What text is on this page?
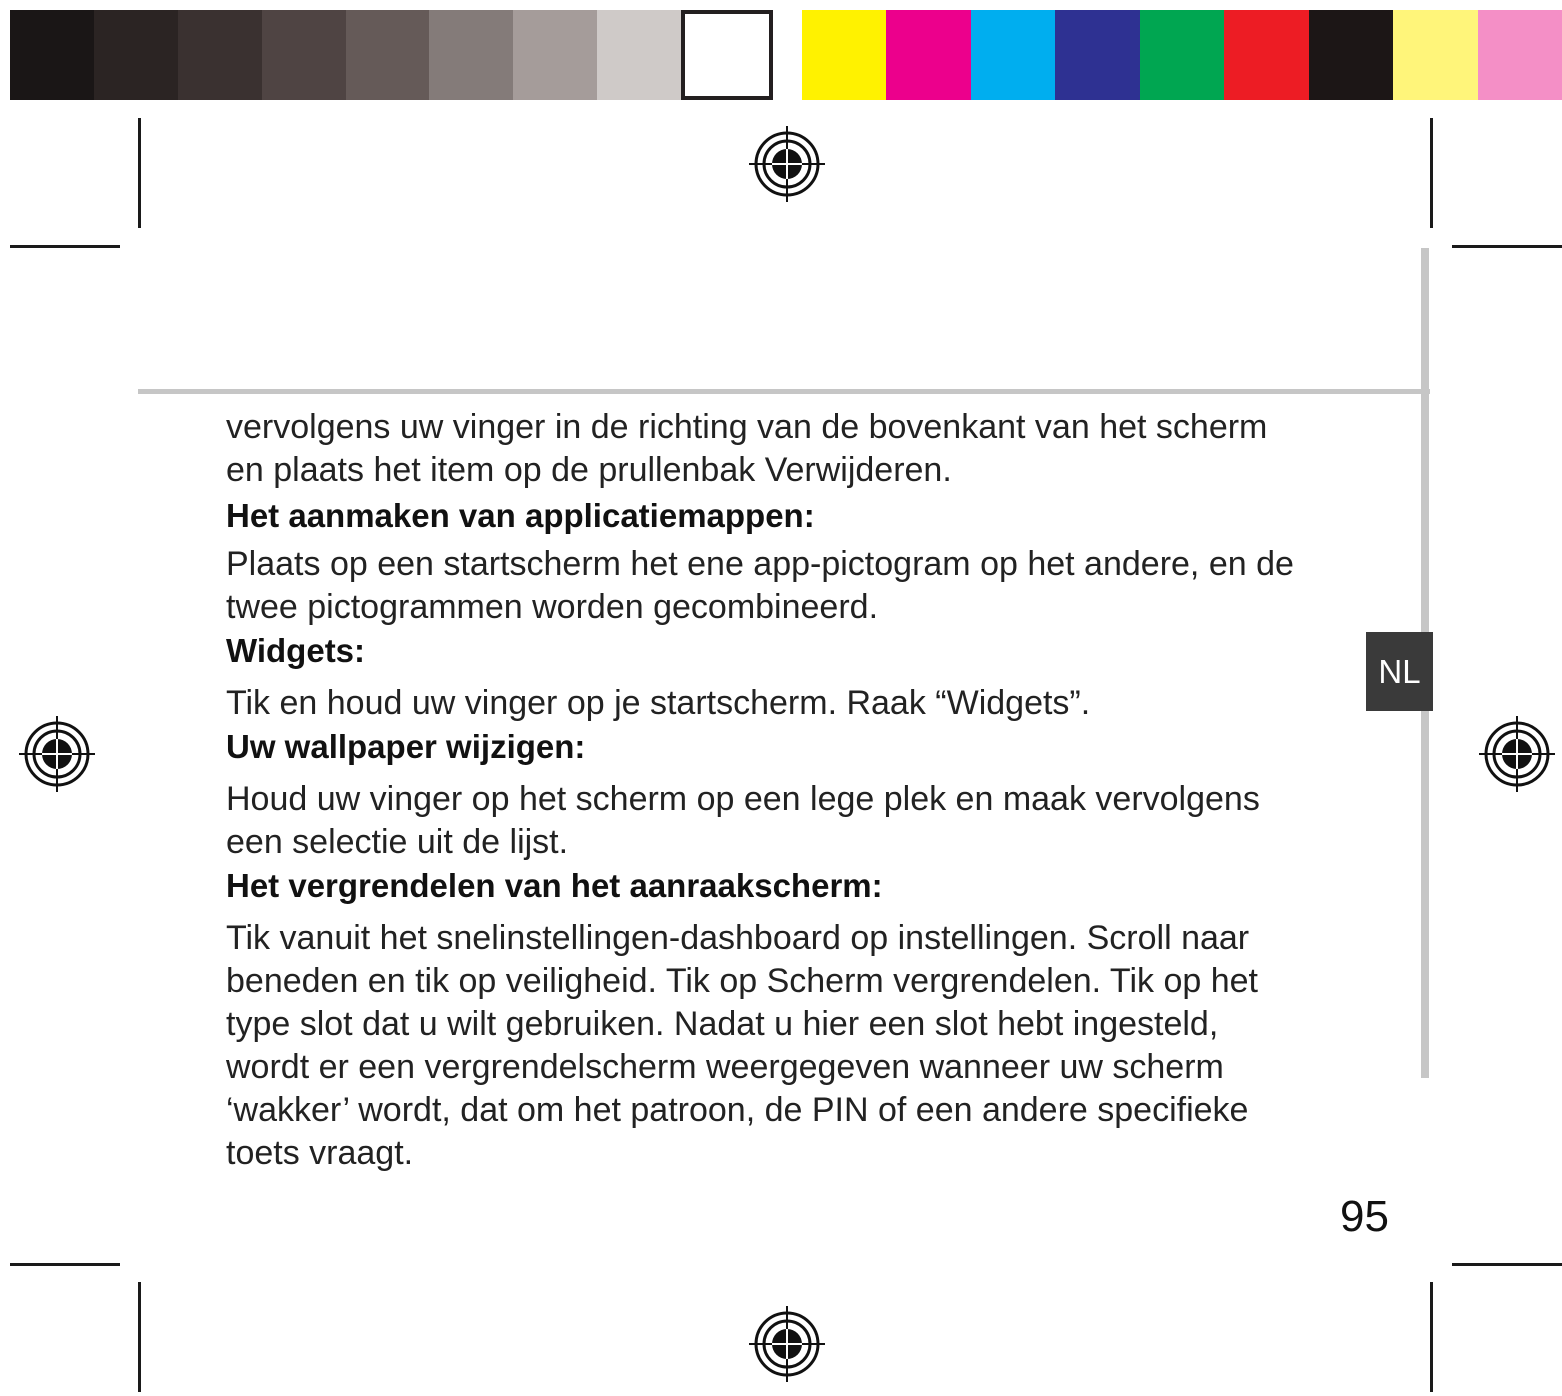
vervolgens uw vinger in de richting van de bovenkant van het scherm
en plaats het item op de prullenbak Verwijderen.

Het aanmaken van applicatiemappen:

Plaats op een startscherm het ene app-pictogram op het andere, en de
twee pictogrammen worden gecombineerd.

Widgets:

Tik en houd uw vinger op je startscherm. Raak “Widgets”.

Uw wallpaper wijzigen:

Houd uw vinger op het scherm op een lege plek en maak vervolgens
een selectie uit de lijst.

Het vergrendelen van het aanraakscherm:

Tik vanuit het snelinstellingen-dashboard op instellingen. Scroll naar
beneden en tik op veiligheid. Tik op Scherm vergrendelen. Tik op het
type slot dat u wilt gebruiken. Nadat u hier een slot hebt ingesteld,
wordt er een vergrendelscherm weergegeven wanneer uw scherm
‘wakker’ wordt, dat om het patroon, de PIN of een andere specifieke
toets vraagt.

NL
95
